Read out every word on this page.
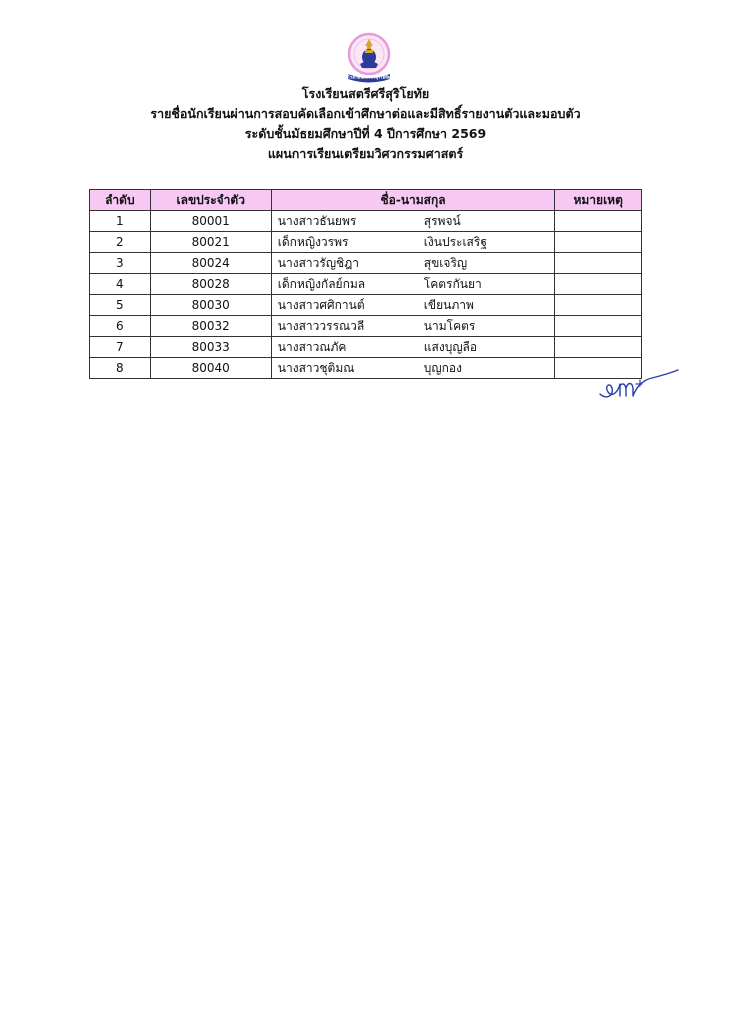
โรงเรียนสตรีศรีสุริโยทัย
โรงเรียนสตรีศรีสุริโยทัย
รายชื่อนักเรียนผ่านการสอบคัดเลือกเข้าศึกษาต่อและมีสิทธิ์รายงานตัวและมอบตัว
ระดับชั้นมัธยมศึกษาปีที่ 4 ปีการศึกษา 2569
แผนการเรียนเตรียมวิศวกรรมศาสตร์
ลำดับ	เลขประจำตัว	ชื่อ-นามสกุล	หมายเหตุ
1	80001	นางสาวธันยพร สุรพจน์	
2	80021	เด็กหญิงวรพร เงินประเสริฐ	
3	80024	นางสาวรัญชิฎา สุขเจริญ	
4	80028	เด็กหญิงกัลย์กมล โคตรกันยา	
5	80030	นางสาวศศิกานต์ เขียนภาพ	
6	80032	นางสาววรรณวลี นามโคตร	
7	80033	นางสาวณภัค แสงบุญลือ	
8	80040	นางสาวชุติมณ บุญกอง	
